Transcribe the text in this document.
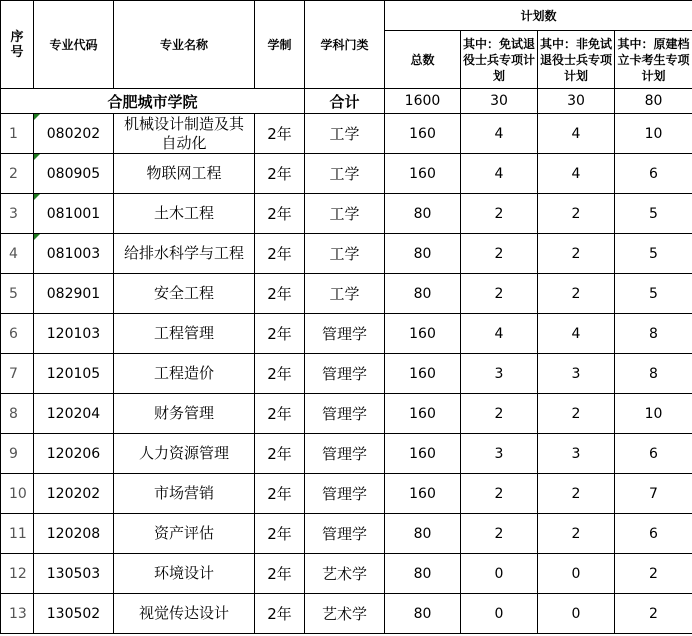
序
号	专业代码	专业名称	学制	学科门类	计划数			
					总数	其中：免试退役士兵专项计划	其中：非免试退役士兵专项计划	其中：原建档立卡考生专项计划
合肥城市学院				合计	1600	30	30	80
1	080202	机械设计制造及其自动化	2年	工学	160	4	4	10
2	080905	物联网工程	2年	工学	160	4	4	6
3	081001	土木工程	2年	工学	80	2	2	5
4	081003	给排水科学与工程	2年	工学	80	2	2	5
5	082901	安全工程	2年	工学	80	2	2	5
6	120103	工程管理	2年	管理学	160	4	4	8
7	120105	工程造价	2年	管理学	160	3	3	8
8	120204	财务管理	2年	管理学	160	2	2	10
9	120206	人力资源管理	2年	管理学	160	3	3	6
10	120202	市场营销	2年	管理学	160	2	2	7
11	120208	资产评估	2年	管理学	80	2	2	6
12	130503	环境设计	2年	艺术学	80	0	0	2
13	130502	视觉传达设计	2年	艺术学	80	0	0	2
